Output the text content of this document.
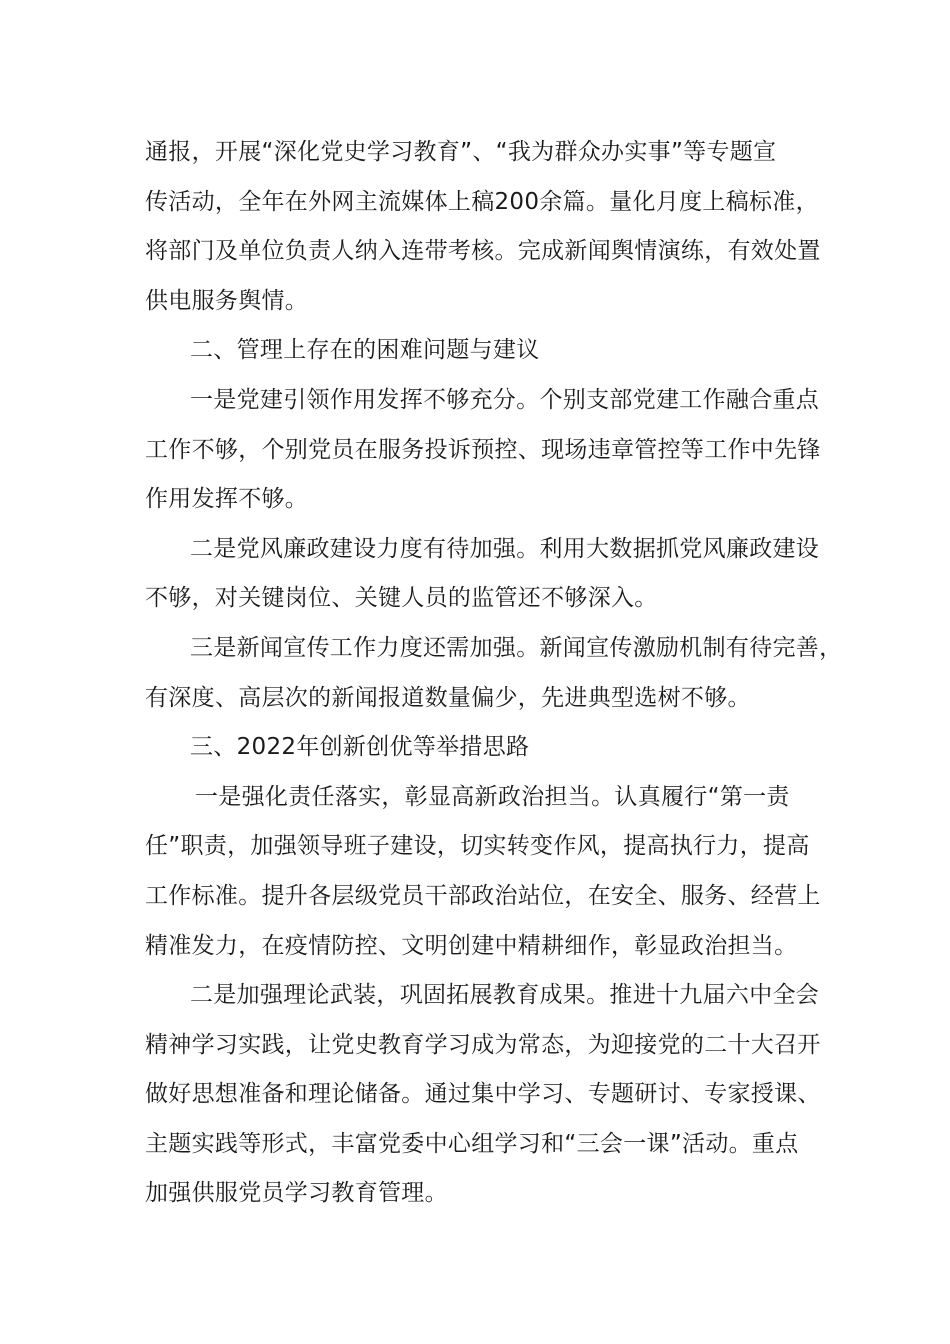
通报，开展“深化党史学习教育”、“我为群众办实事”等专题宣
传活动，全年在外网主流媒体上稿200余篇。量化月度上稿标准，
将部门及单位负责人纳入连带考核。完成新闻舆情演练，有效处置
供电服务舆情。
二、管理上存在的困难问题与建议
一是党建引领作用发挥不够充分。个别支部党建工作融合重点
工作不够，个别党员在服务投诉预控、现场违章管控等工作中先锋
作用发挥不够。
二是党风廉政建设力度有待加强。利用大数据抓党风廉政建设
不够，对关键岗位、关键人员的监管还不够深入。
三是新闻宣传工作力度还需加强。新闻宣传激励机制有待完善，
有深度、高层次的新闻报道数量偏少，先进典型选树不够。
三、2022年创新创优等举措思路
一是强化责任落实，彰显高新政治担当。认真履行“第一责
任”职责，加强领导班子建设，切实转变作风，提高执行力，提高
工作标准。提升各层级党员干部政治站位，在安全、服务、经营上
精准发力，在疫情防控、文明创建中精耕细作，彰显政治担当。
二是加强理论武装，巩固拓展教育成果。推进十九届六中全会
精神学习实践，让党史教育学习成为常态，为迎接党的二十大召开
做好思想准备和理论储备。通过集中学习、专题研讨、专家授课、
主题实践等形式，丰富党委中心组学习和“三会一课”活动。重点
加强供服党员学习教育管理。
